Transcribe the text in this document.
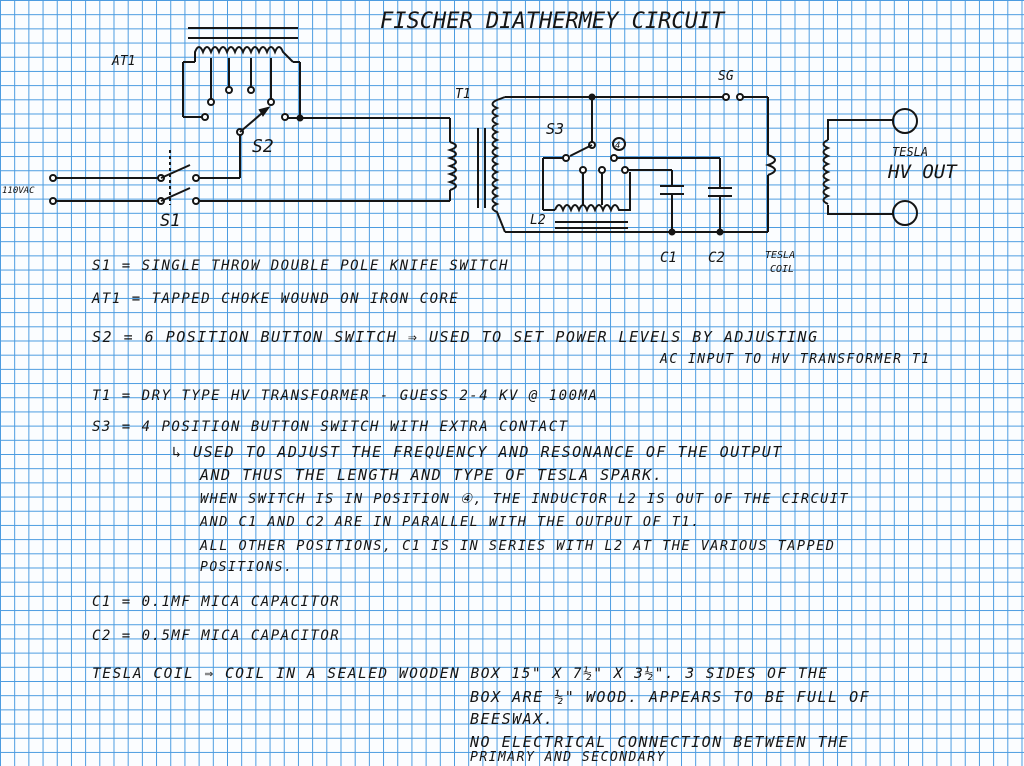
FISCHER DIATHERMEY CIRCUIT
AT1
S2
S1
110VAC
T1
SG
S3
4
L2
C1 C2	TESLA
COIL
TESLA
HV OUT
S1 = SINGLE THROW DOUBLE POLE KNIFE SWITCH
AT1 = TAPPED CHOKE WOUND ON IRON CORE
S2 = 6 POSITION BUTTON SWITCH ⇒ USED TO SET POWER LEVELS BY ADJUSTING
AC INPUT TO HV TRANSFORMER T1
T1 = DRY TYPE HV TRANSFORMER - GUESS 2-4 KV @ 100MA
S3 = 4 POSITION BUTTON SWITCH WITH EXTRA CONTACT
↳ USED TO ADJUST THE FREQUENCY AND RESONANCE OF THE OUTPUT
AND THUS THE LENGTH AND TYPE OF TESLA SPARK.
WHEN SWITCH IS IN POSITION ④, THE INDUCTOR L2 IS OUT OF THE CIRCUIT
AND C1 AND C2 ARE IN PARALLEL WITH THE OUTPUT OF T1.
ALL OTHER POSITIONS, C1 IS IN SERIES WITH L2 AT THE VARIOUS TAPPED
POSITIONS.
C1 = 0.1ΜF MICA CAPACITOR
C2 = 0.5ΜF MICA CAPACITOR
TESLA COIL ⇒ COIL IN A SEALED WOODEN BOX 15" X 7½" X 3½". 3 SIDES OF THE
BOX ARE ½" WOOD. APPEARS TO BE FULL OF
BEESWAX.
NO ELECTRICAL CONNECTION BETWEEN THE
PRIMARY AND SECONDARY
